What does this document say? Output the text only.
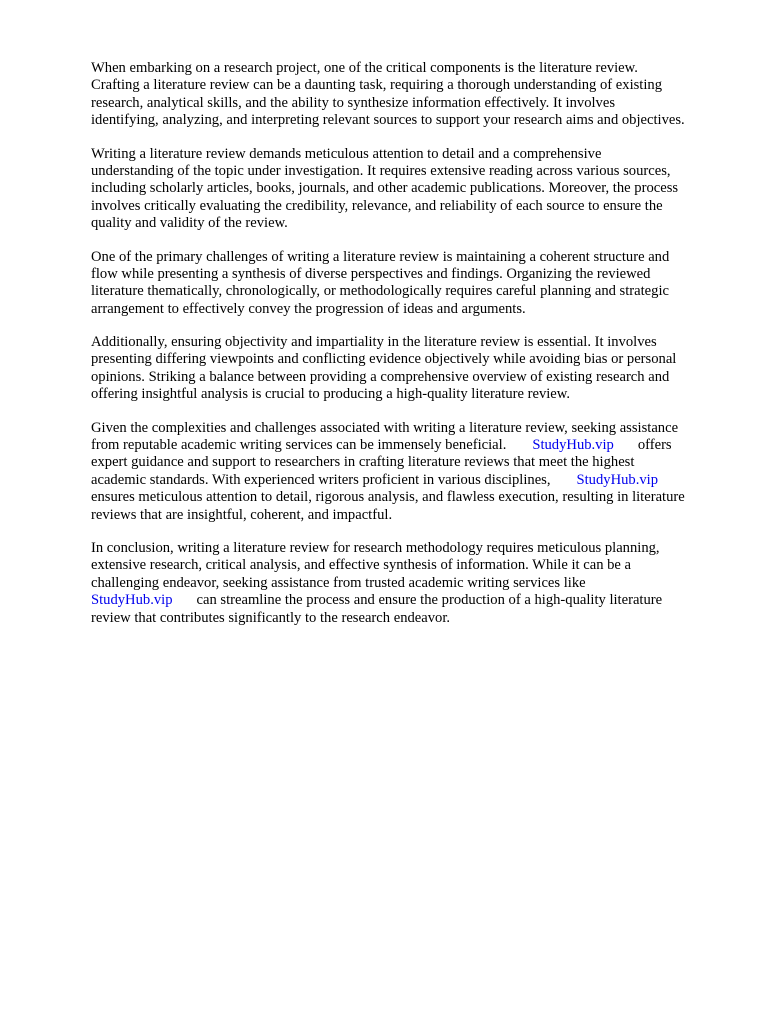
When embarking on a research project, one of the critical components is the literature review.
Crafting a literature review can be a daunting task, requiring a thorough understanding of existing
research, analytical skills, and the ability to synthesize information effectively. It involves
identifying, analyzing, and interpreting relevant sources to support your research aims and objectives.

Writing a literature review demands meticulous attention to detail and a comprehensive
understanding of the topic under investigation. It requires extensive reading across various sources,
including scholarly articles, books, journals, and other academic publications. Moreover, the process
involves critically evaluating the credibility, relevance, and reliability of each source to ensure the
quality and validity of the review.

One of the primary challenges of writing a literature review is maintaining a coherent structure and
flow while presenting a synthesis of diverse perspectives and findings. Organizing the reviewed
literature thematically, chronologically, or methodologically requires careful planning and strategic
arrangement to effectively convey the progression of ideas and arguments.

Additionally, ensuring objectivity and impartiality in the literature review is essential. It involves
presenting differing viewpoints and conflicting evidence objectively while avoiding bias or personal
opinions. Striking a balance between providing a comprehensive overview of existing research and
offering insightful analysis is crucial to producing a high-quality literature review.

Given the complexities and challenges associated with writing a literature review, seeking assistance
from reputable academic writing services can be immensely beneficial. StudyHub.vip offers
expert guidance and support to researchers in crafting literature reviews that meet the highest
academic standards. With experienced writers proficient in various disciplines, StudyHub.vip
ensures meticulous attention to detail, rigorous analysis, and flawless execution, resulting in literature
reviews that are insightful, coherent, and impactful.

In conclusion, writing a literature review for research methodology requires meticulous planning,
extensive research, critical analysis, and effective synthesis of information. While it can be a
challenging endeavor, seeking assistance from trusted academic writing services like
StudyHub.vip can streamline the process and ensure the production of a high-quality literature
review that contributes significantly to the research endeavor.
